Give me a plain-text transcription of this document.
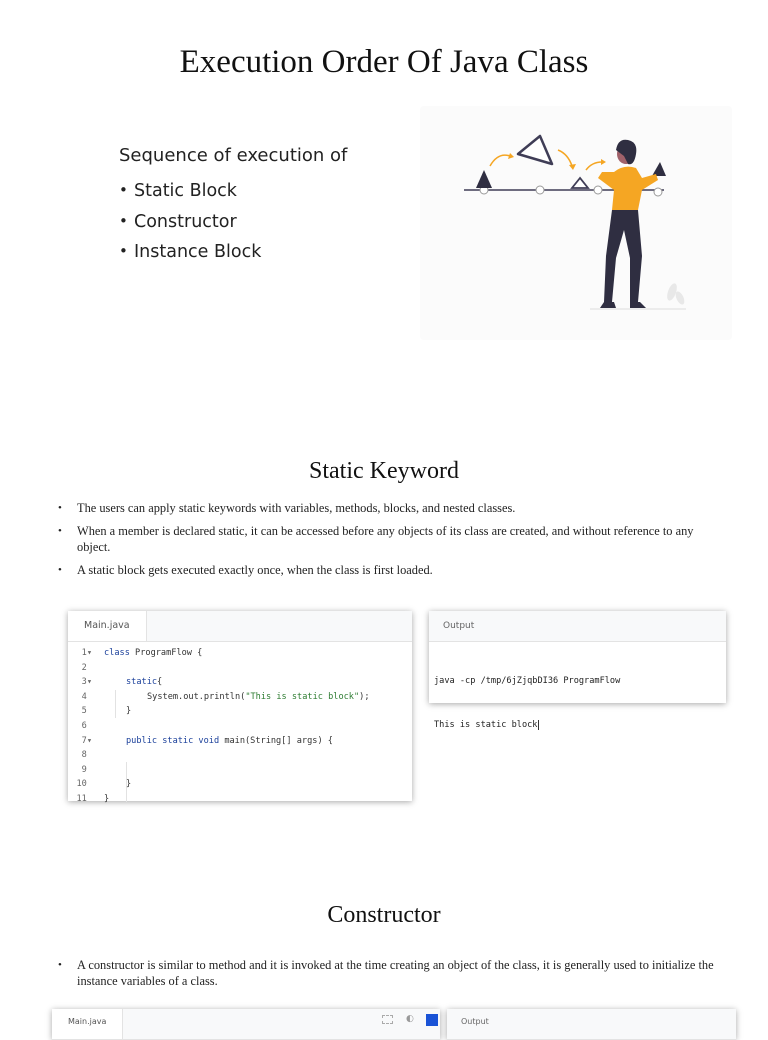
Execution Order Of Java Class
Sequence of execution of
• Static Block
• Constructor
• Instance Block
Static Keyword
• The users can apply static keywords with variables, methods, blocks, and nested classes.
• When a member is declared static, it can be accessed before any objects of its class are created, and without reference to any object.
• A static block gets executed exactly once, when the class is first loaded.
Main.java
1▾ class ProgramFlow {
2
3▾	static{
4	System.out.println("This is static block");
5	}
6
7▾	public static void main(String[] args) {
8
9
10	}
11 }
Output

java -cp /tmp/6jZjqbDI36 ProgramFlow

This is static block

Constructor
• A constructor is similar to method and it is invoked at the time creating an object of the class, it is generally used to initialize the instance variables of a class.
Main.java	◐	Output
